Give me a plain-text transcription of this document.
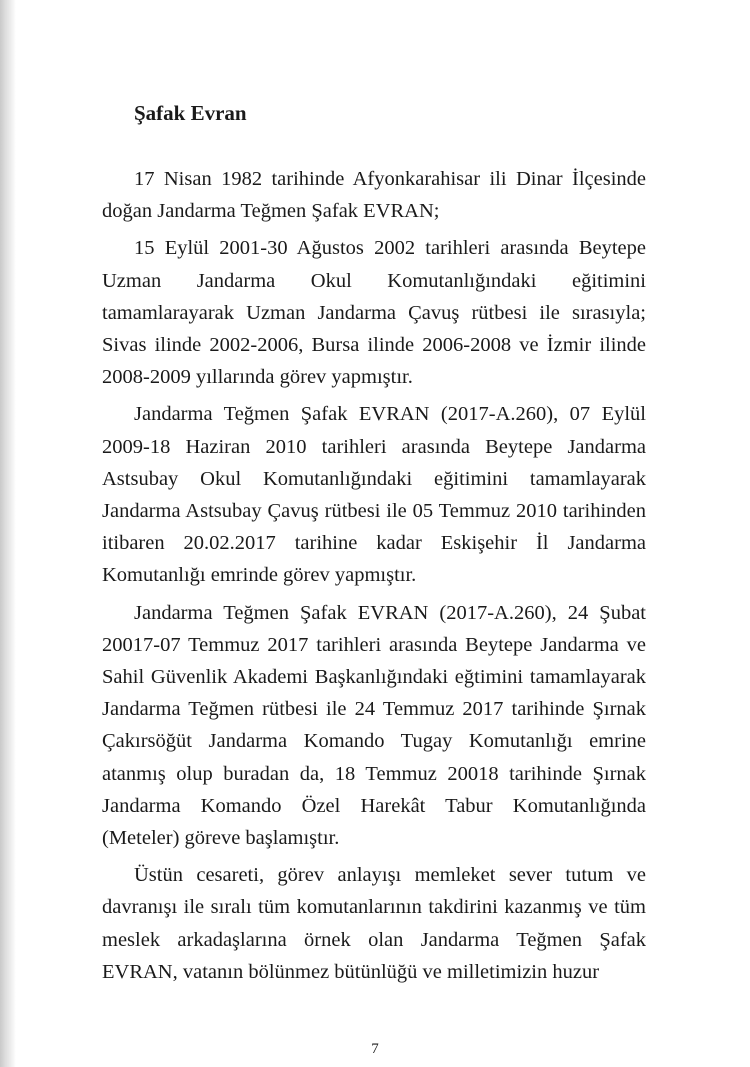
Şafak Evran

17 Nisan 1982 tarihinde Afyonkarahisar ili Dinar İlçesinde doğan Jandarma Teğmen Şafak EVRAN;

15 Eylül 2001-30 Ağustos 2002 tarihleri arasında Beytepe Uzman Jandarma Okul Komutanlığındaki eğitimini tamamlarayarak Uzman Jandarma Çavuş rütbesi ile sırasıyla; Sivas ilinde 2002-2006, Bursa ilinde 2006-2008 ve İzmir ilinde 2008-2009 yıllarında görev yapmıştır.

Jandarma Teğmen Şafak EVRAN (2017-A.260), 07 Eylül 2009-18 Haziran 2010 tarihleri arasında Beytepe Jandarma Astsubay Okul Komutanlığındaki eğitimini tamamlayarak Jandarma Astsubay Çavuş rütbesi ile 05 Temmuz 2010 tarihinden itibaren 20.02.2017 tarihine kadar Eskişehir İl Jandarma Komutanlığı emrinde görev yapmıştır.

Jandarma Teğmen Şafak EVRAN (2017-A.260), 24 Şubat 20017-07 Temmuz 2017 tarihleri arasında Beytepe Jandarma ve Sahil Güvenlik Akademi Başkanlığındaki eğtimini tamamlayarak Jandarma Teğmen rütbesi ile 24 Temmuz 2017 tarihinde Şırnak Çakırsöğüt Jandarma Komando Tugay Komutanlığı emrine atanmış olup buradan da, 18 Temmuz 20018 tarihinde Şırnak Jandarma Komando Özel Harekât Tabur Komutanlığında (Meteler) göreve başlamıştır.

Üstün cesareti, görev anlayışı memleket sever tutum ve davranışı ile sıralı tüm komutanlarının takdirini kazanmış ve tüm meslek arkadaşlarına örnek olan Jandarma Teğmen Şafak EVRAN, vatanın bölünmez bütünlüğü ve milletimizin huzur

7
